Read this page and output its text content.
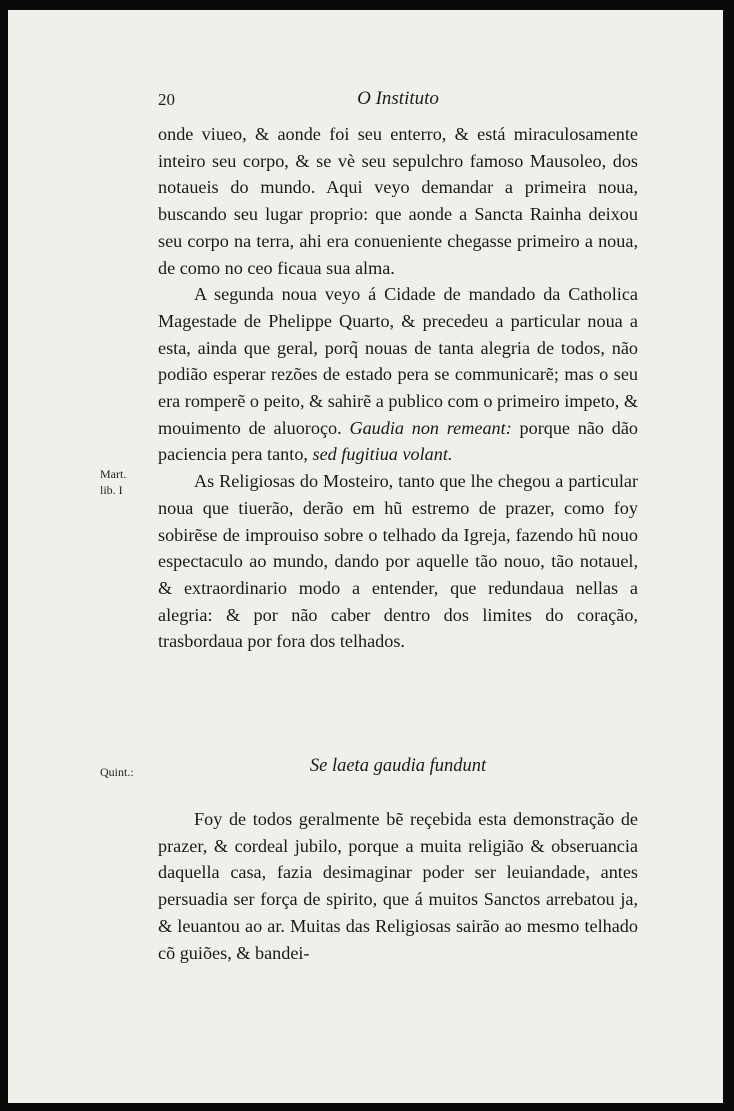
20	O Instituto

onde viueo, & aonde foi seu enterro, & está miraculosamente inteiro seu corpo, & se vè seu sepulchro famoso Mausoleo, dos notaueis do mundo. Aqui veyo demandar a primeira noua, buscando seu lugar proprio: que aonde a Sancta Rainha deixou seu corpo na terra, ahi era conueniente chegasse primeiro a noua, de como no ceo ficaua sua alma.

A segunda noua veyo á Cidade de mandado da Catholica Magestade de Phelippe Quarto, & precedeu a particular noua a esta, ainda que geral, porq̃ nouas de tanta alegria de todos, não podião esperar rezões de estado pera se communicarẽ; mas o seu era romperẽ o peito, & sahirẽ a publico com o primeiro impeto, & mouimento de aluoroço. Gaudia non remeant: porque não dão paciencia pera tanto, sed fugitiua volant.

As Religiosas do Mosteiro, tanto que lhe chegou a particular noua que tiuerão, derão em hũ estremo de prazer, como foy sobirẽse de improuiso sobre o telhado da Igreja, fazendo hũ nouo espectaculo ao mundo, dando por aquelle tão nouo, tão notauel, & extraordinario modo a entender, que redundaua nellas a alegria: & por não caber dentro dos limites do coração, trasbordaua por fora dos telhados.

Se laeta gaudia fundunt

Foy de todos geralmente bẽ reçebida esta demonstração de prazer, & cordeal jubilo, porque a muita religião & obseruancia daquella casa, fazia desimaginar poder ser leuiandade, antes persuadia ser força de spirito, que á muitos Sanctos arrebatou ja, & leuantou ao ar. Muitas das Religiosas sairão ao mesmo telhado cõ guiões, & bandei-

Mart.
lib. I
Quint.:
